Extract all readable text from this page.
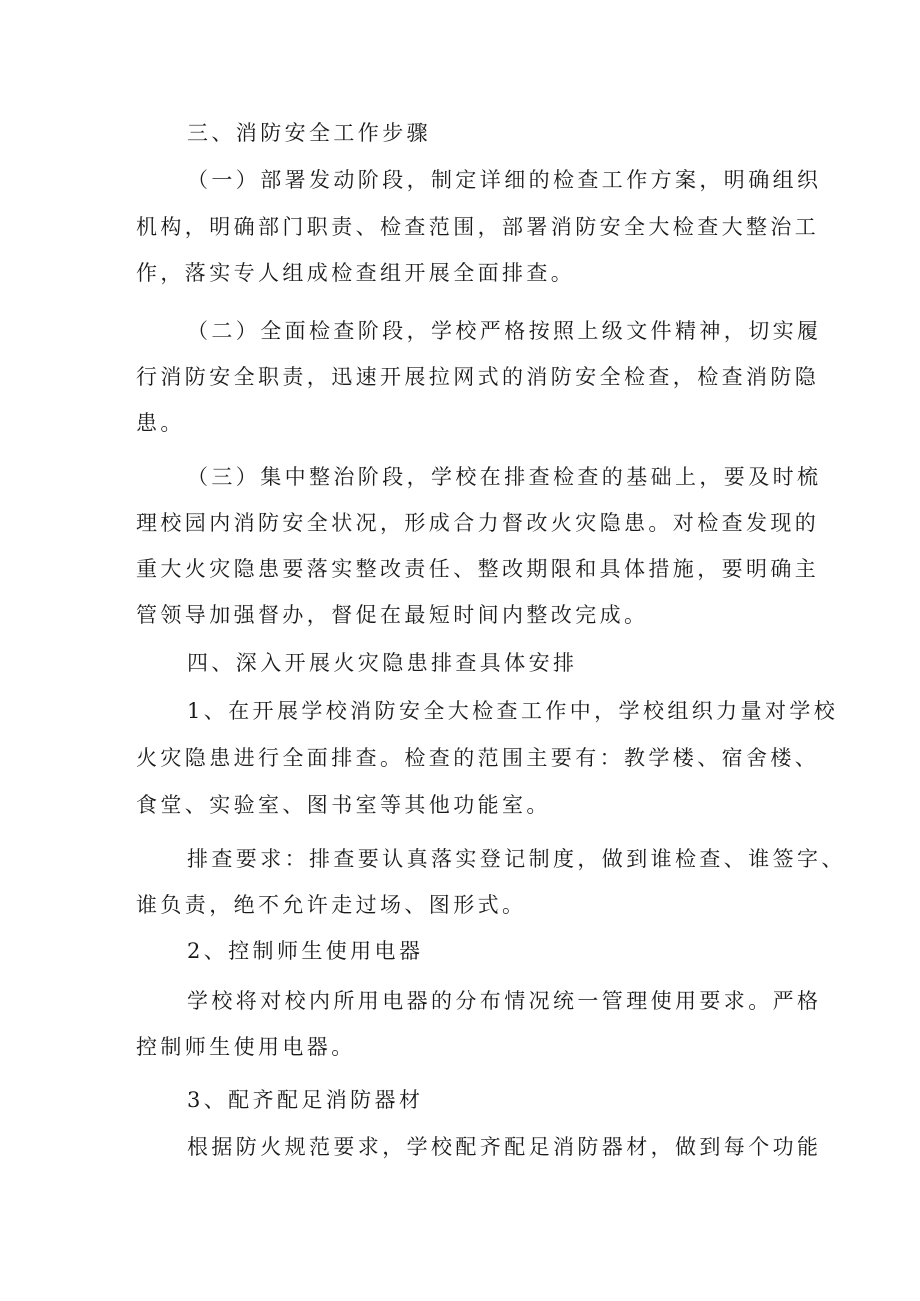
三、消防安全工作步骤

（一）部署发动阶段，制定详细的检查工作方案，明确组织

机构，明确部门职责、检查范围，部署消防安全大检查大整治工

作，落实专人组成检查组开展全面排查。

（二）全面检查阶段，学校严格按照上级文件精神，切实履

行消防安全职责，迅速开展拉网式的消防安全检查，检查消防隐

患。

（三）集中整治阶段，学校在排查检查的基础上，要及时梳

理校园内消防安全状况，形成合力督改火灾隐患。对检查发现的

重大火灾隐患要落实整改责任、整改期限和具体措施，要明确主

管领导加强督办，督促在最短时间内整改完成。

四、深入开展火灾隐患排查具体安排

1、在开展学校消防安全大检查工作中，学校组织力量对学校

火灾隐患进行全面排查。检查的范围主要有：教学楼、宿舍楼、

食堂、实验室、图书室等其他功能室。

排查要求：排查要认真落实登记制度，做到谁检查、谁签字、

谁负责，绝不允许走过场、图形式。

2、控制师生使用电器

学校将对校内所用电器的分布情况统一管理使用要求。严格

控制师生使用电器。

3、配齐配足消防器材

根据防火规范要求，学校配齐配足消防器材，做到每个功能
